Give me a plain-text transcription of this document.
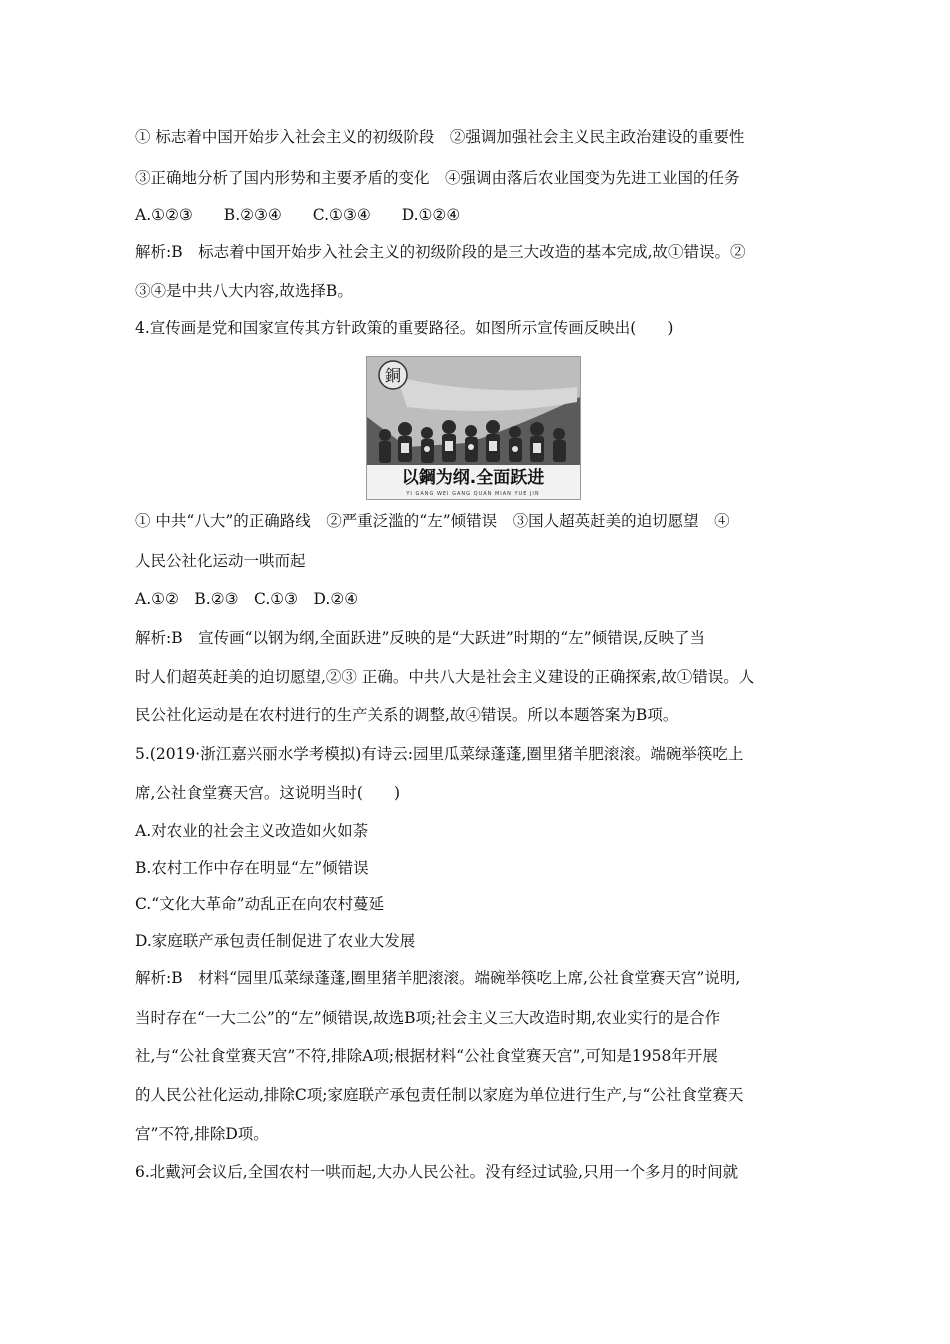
① 标志着中国开始步入社会主义的初级阶段　②强调加强社会主义民主政治建设的重要性
③正确地分析了国内形势和主要矛盾的变化　④强调由落后农业国变为先进工业国的任务
A.①②③　　B.②③④　　C.①③④　　D.①②④
解析:B　标志着中国开始步入社会主义的初级阶段的是三大改造的基本完成,故①错误。②
③④是中共八大内容,故选择B。
4.宣传画是党和国家宣传其方针政策的重要路径。如图所示宣传画反映出(　　)
銅
以鋼为纲.全面跃进
YI GANG WEI GANG QUAN MIAN YUE JIN
① 中共“八大”的正确路线　②严重泛滥的“左”倾错误　③国人超英赶美的迫切愿望　④
人民公社化运动一哄而起
A.①②　B.②③　C.①③　D.②④
解析:B　宣传画“以钢为纲,全面跃进”反映的是“大跃进”时期的“左”倾错误,反映了当
时人们超英赶美的迫切愿望,②③ 正确。中共八大是社会主义建设的正确探索,故①错误。人
民公社化运动是在农村进行的生产关系的调整,故④错误。所以本题答案为B项。
5.(2019·浙江嘉兴丽水学考模拟)有诗云:园里瓜菜绿蓬蓬,圈里猪羊肥滚滚。端碗举筷吃上
席,公社食堂赛天宫。这说明当时(　　)
A.对农业的社会主义改造如火如荼
B.农村工作中存在明显“左”倾错误
C.“文化大革命”动乱正在向农村蔓延
D.家庭联产承包责任制促进了农业大发展
解析:B　材料“园里瓜菜绿蓬蓬,圈里猪羊肥滚滚。端碗举筷吃上席,公社食堂赛天宫”说明,
当时存在“一大二公”的“左”倾错误,故选B项;社会主义三大改造时期,农业实行的是合作
社,与“公社食堂赛天宫”不符,排除A项;根据材料“公社食堂赛天宫”,可知是1958年开展
的人民公社化运动,排除C项;家庭联产承包责任制以家庭为单位进行生产,与“公社食堂赛天
宫”不符,排除D项。
6.北戴河会议后,全国农村一哄而起,大办人民公社。没有经过试验,只用一个多月的时间就
